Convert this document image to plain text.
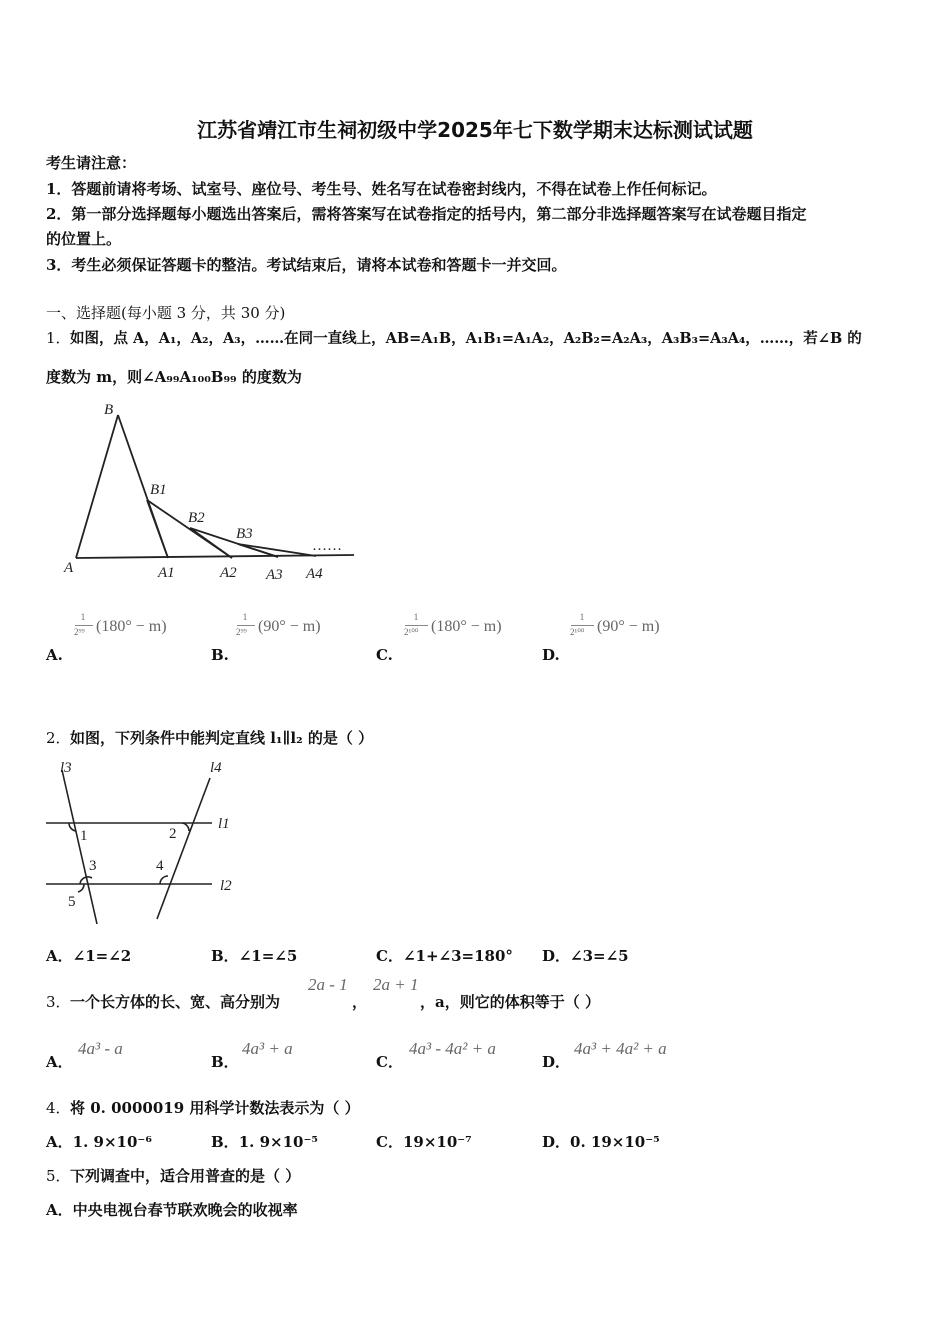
江苏省靖江市生祠初级中学2025年七下数学期末达标测试试题
考生请注意：
1．答题前请将考场、试室号、座位号、考生号、姓名写在试卷密封线内，不得在试卷上作任何标记。
2．第一部分选择题每小题选出答案后，需将答案写在试卷指定的括号内，第二部分非选择题答案写在试卷题目指定
的位置上。
3．考生必须保证答题卡的整洁。考试结束后，请将本试卷和答题卡一并交回。
一、选择题(每小题 3 分，共 30 分)
1． 如图，点 A，A₁，A₂，A₃，……在同一直线上，AB=A₁B，A₁B₁=A₁A₂，A₂B₂=A₂A₃，A₃B₃=A₃A₄，……，若∠B 的
度数为 m，则∠A₉₉A₁₀₀B₉₉ 的度数为
B
B1
B2
B3
A	A1	A2 A3 A4
……
1
2⁹⁹ (180° − m)
A.
1
2⁹⁹ (90° − m)
B.
1
2¹⁰⁰ (180° − m)
C.
1
2¹⁰⁰ (90° − m)
D.
2． 如图，下列条件中能判定直线 l₁∥l₂ 的是（ ）
l3	l4
l1
l2
1	2
3	4
5
A．∠1=∠2	B．∠1=∠5	C．∠1+∠3=180° D．∠3=∠5
3． 一个长方体的长、宽、高分别为
2a - 1
，
2a + 1
，a，则它的体积等于（ ）
4a³ - a
A．
4a³ + a
B．
4a³ - 4a² + a
C．
4a³ + 4a² + a
D．
4． 将 0. 0000019 用科学计数法表示为（ ）
A．1. 9×10⁻⁶	B．1. 9×10⁻⁵	C．19×10⁻⁷	D．0. 19×10⁻⁵
5． 下列调查中，适合用普查的是（ ）
A．中央电视台春节联欢晚会的收视率
